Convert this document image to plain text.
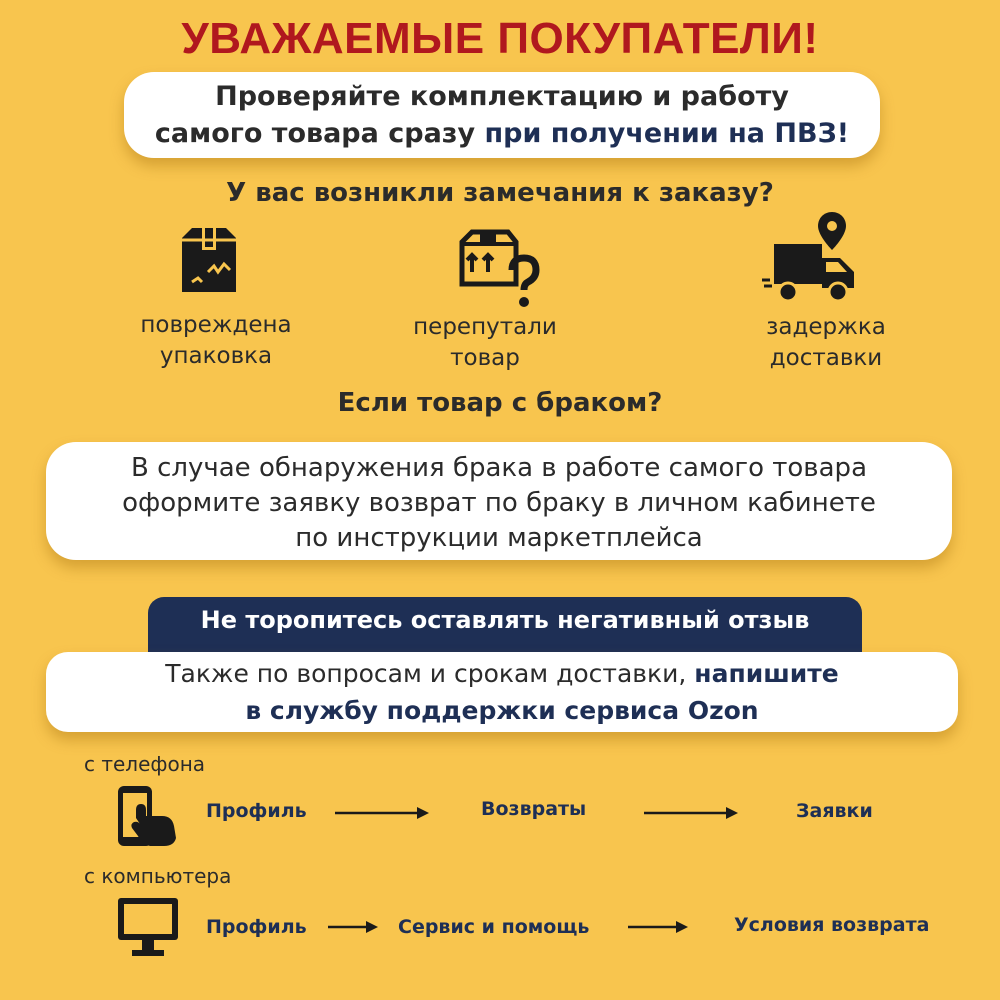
УВАЖАЕМЫЕ ПОКУПАТЕЛИ!
Проверяйте комплектацию и работу
самого товара сразу при получении на ПВЗ!
У вас возникли замечания к заказу?
повреждена
упаковка
перепутали
товар
задержка
доставки
Если товар с браком?
В случае обнаружения брака в работе самого товара
оформите заявку возврат по браку в личном кабинете
по инструкции маркетплейса
Не торопитесь оставлять негативный отзыв
Также по вопросам и срокам доставки, напишите
в службу поддержки сервиса Ozon
с телефона
Профиль	Возвраты	Заявки
с компьютера
Профиль	Сервис и помощь	Условия возврата
